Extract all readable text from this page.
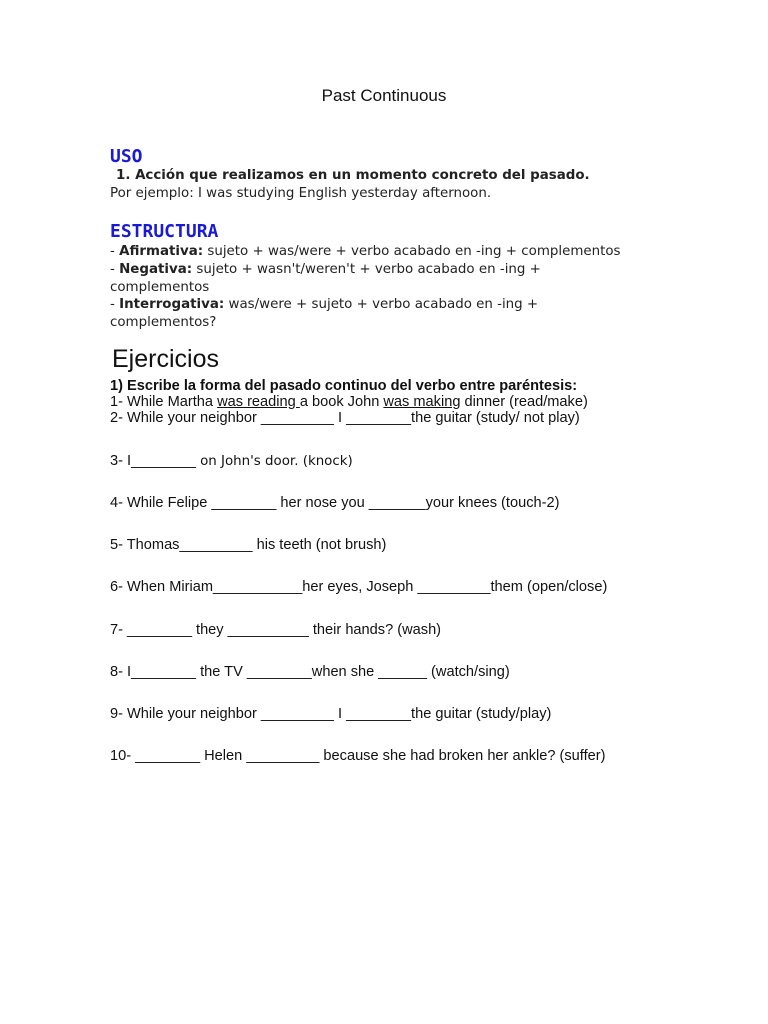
Past Continuous
USO
1. Acción que realizamos en un momento concreto del pasado.
Por ejemplo: I was studying English yesterday afternoon.
ESTRUCTURA
- Afirmativa: sujeto + was/were + verbo acabado en -ing + complementos
- Negativa: sujeto + wasn't/weren't + verbo acabado en -ing +
complementos
- Interrogativa: was/were + sujeto + verbo acabado en -ing +
complementos?
Ejercicios
1) Escribe la forma del pasado continuo del verbo entre paréntesis:
1- While Martha was reading a book John was making dinner (read/make)
2- While your neighbor _________ I ________the guitar (study/ not play)
3- I________ on John's door. (knock)
4- While Felipe ________ her nose you _______your knees (touch-2)
5- Thomas_________ his teeth (not brush)
6- When Miriam___________her eyes, Joseph _________them (open/close)
7- ________ they __________ their hands? (wash)
8- I________ the TV ________when she ______ (watch/sing)
9- While your neighbor _________ I ________the guitar (study/play)
10- ________ Helen _________ because she had broken her ankle? (suffer)
